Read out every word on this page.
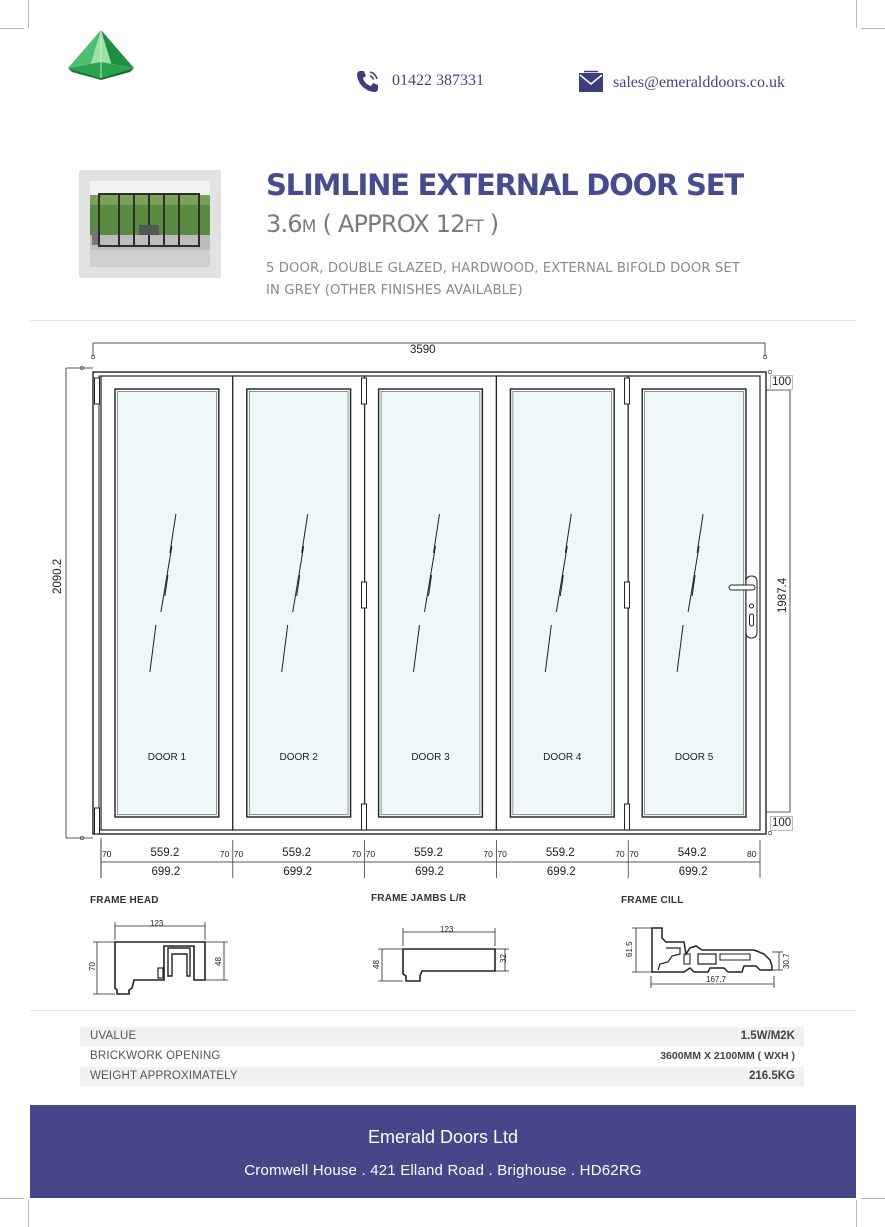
01422 387331	sales@emeralddoors.co.uk
SLIMLINE EXTERNAL DOOR SET
3.6M ( APPROX 12FT )
5 DOOR, DOUBLE GLAZED, HARDWOOD, EXTERNAL BIFOLD DOOR SET
IN GREY (OTHER FINISHES AVAILABLE)
3590
2090.2
1987.4
100
100
DOOR 1
559.2
699.2
70	70
DOOR 2
559.2
699.2
70	70
DOOR 3
559.2
699.2
70	70
DOOR 4
559.2
699.2
70	70
DOOR 5
549.2
699.2
70	80
FRAME HEAD	FRAME JAMBS L/R	FRAME CILL
123
70
48
123
48
32
167.7
61.5
30.7
UVALUE	1.5W/M2K
BRICKWORK OPENING	3600MM X 2100MM ( WXH )
WEIGHT APPROXIMATELY	216.5KG
Emerald Doors Ltd
Cromwell House . 421 Elland Road . Brighouse . HD62RG
